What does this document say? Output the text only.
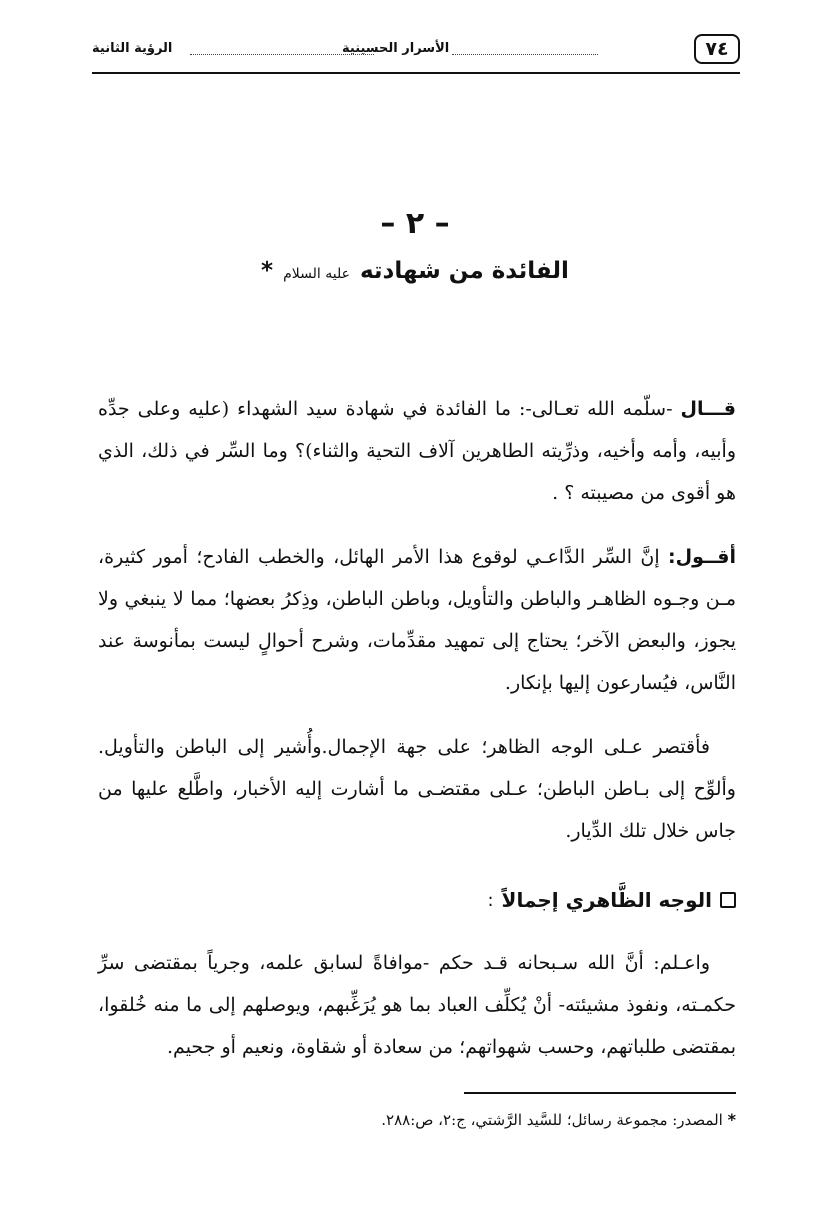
٧٤
الأسرار الحسينية
الرؤية الثانية
– ٢ –
الفائدة من شهادته عليه السلام *

قـــال -سلّمه الله تعـالى-: ما الفائدة في شهادة سيد الشهداء (عليه وعلى جدِّه وأبيه، وأمه وأخيه، وذرِّيته الطاهرين آلاف التحية والثناء)؟ وما السِّر في ذلك، الذي هو أقوى من مصيبته ؟ .

أقــول: إنَّ السِّر الدَّاعـي لوقوع هذا الأمر الهائل، والخطب الفادح؛ أمور كثيرة، مـن وجـوه الظاهـر والباطن والتأويل، وباطن الباطن، وذِكرُ بعضها؛ مما لا ينبغي ولا يجوز، والبعض الآخر؛ يحتاج إلى تمهيد مقدِّمات، وشرح أحوالٍ ليست بمأنوسة عند النَّاس، فيُسارعون إليها بإنكار.

فأقتصر عـلى الوجه الظاهر؛ على جهة الإجمال.وأُشير إلى الباطن والتأويل. وألوِّح إلى بـاطن الباطن؛ عـلى مقتضـى ما أشارت إليه الأخبار، واطَّلع عليها من جاس خلال تلك الدِّيار.

الوجه الظَّاهري إجمالاً
:

واعـلم: أنَّ الله سـبحانه قـد حكم -موافاةً لسابق علمه، وجرياً بمقتضى سرِّ حكمـته، ونفوذ مشيئته- أنْ يُكلِّف العباد بما هو يُرَغِّبهم، ويوصلهم إلى ما منه خُلقوا، بمقتضى طلباتهم، وحسب شهواتهم؛ من سعادة أو شقاوة، ونعيم أو جحيم.

* المصدر: مجموعة رسائل؛ للسَّيد الرَّشتي، ج:٢، ص:٢٨٨.
